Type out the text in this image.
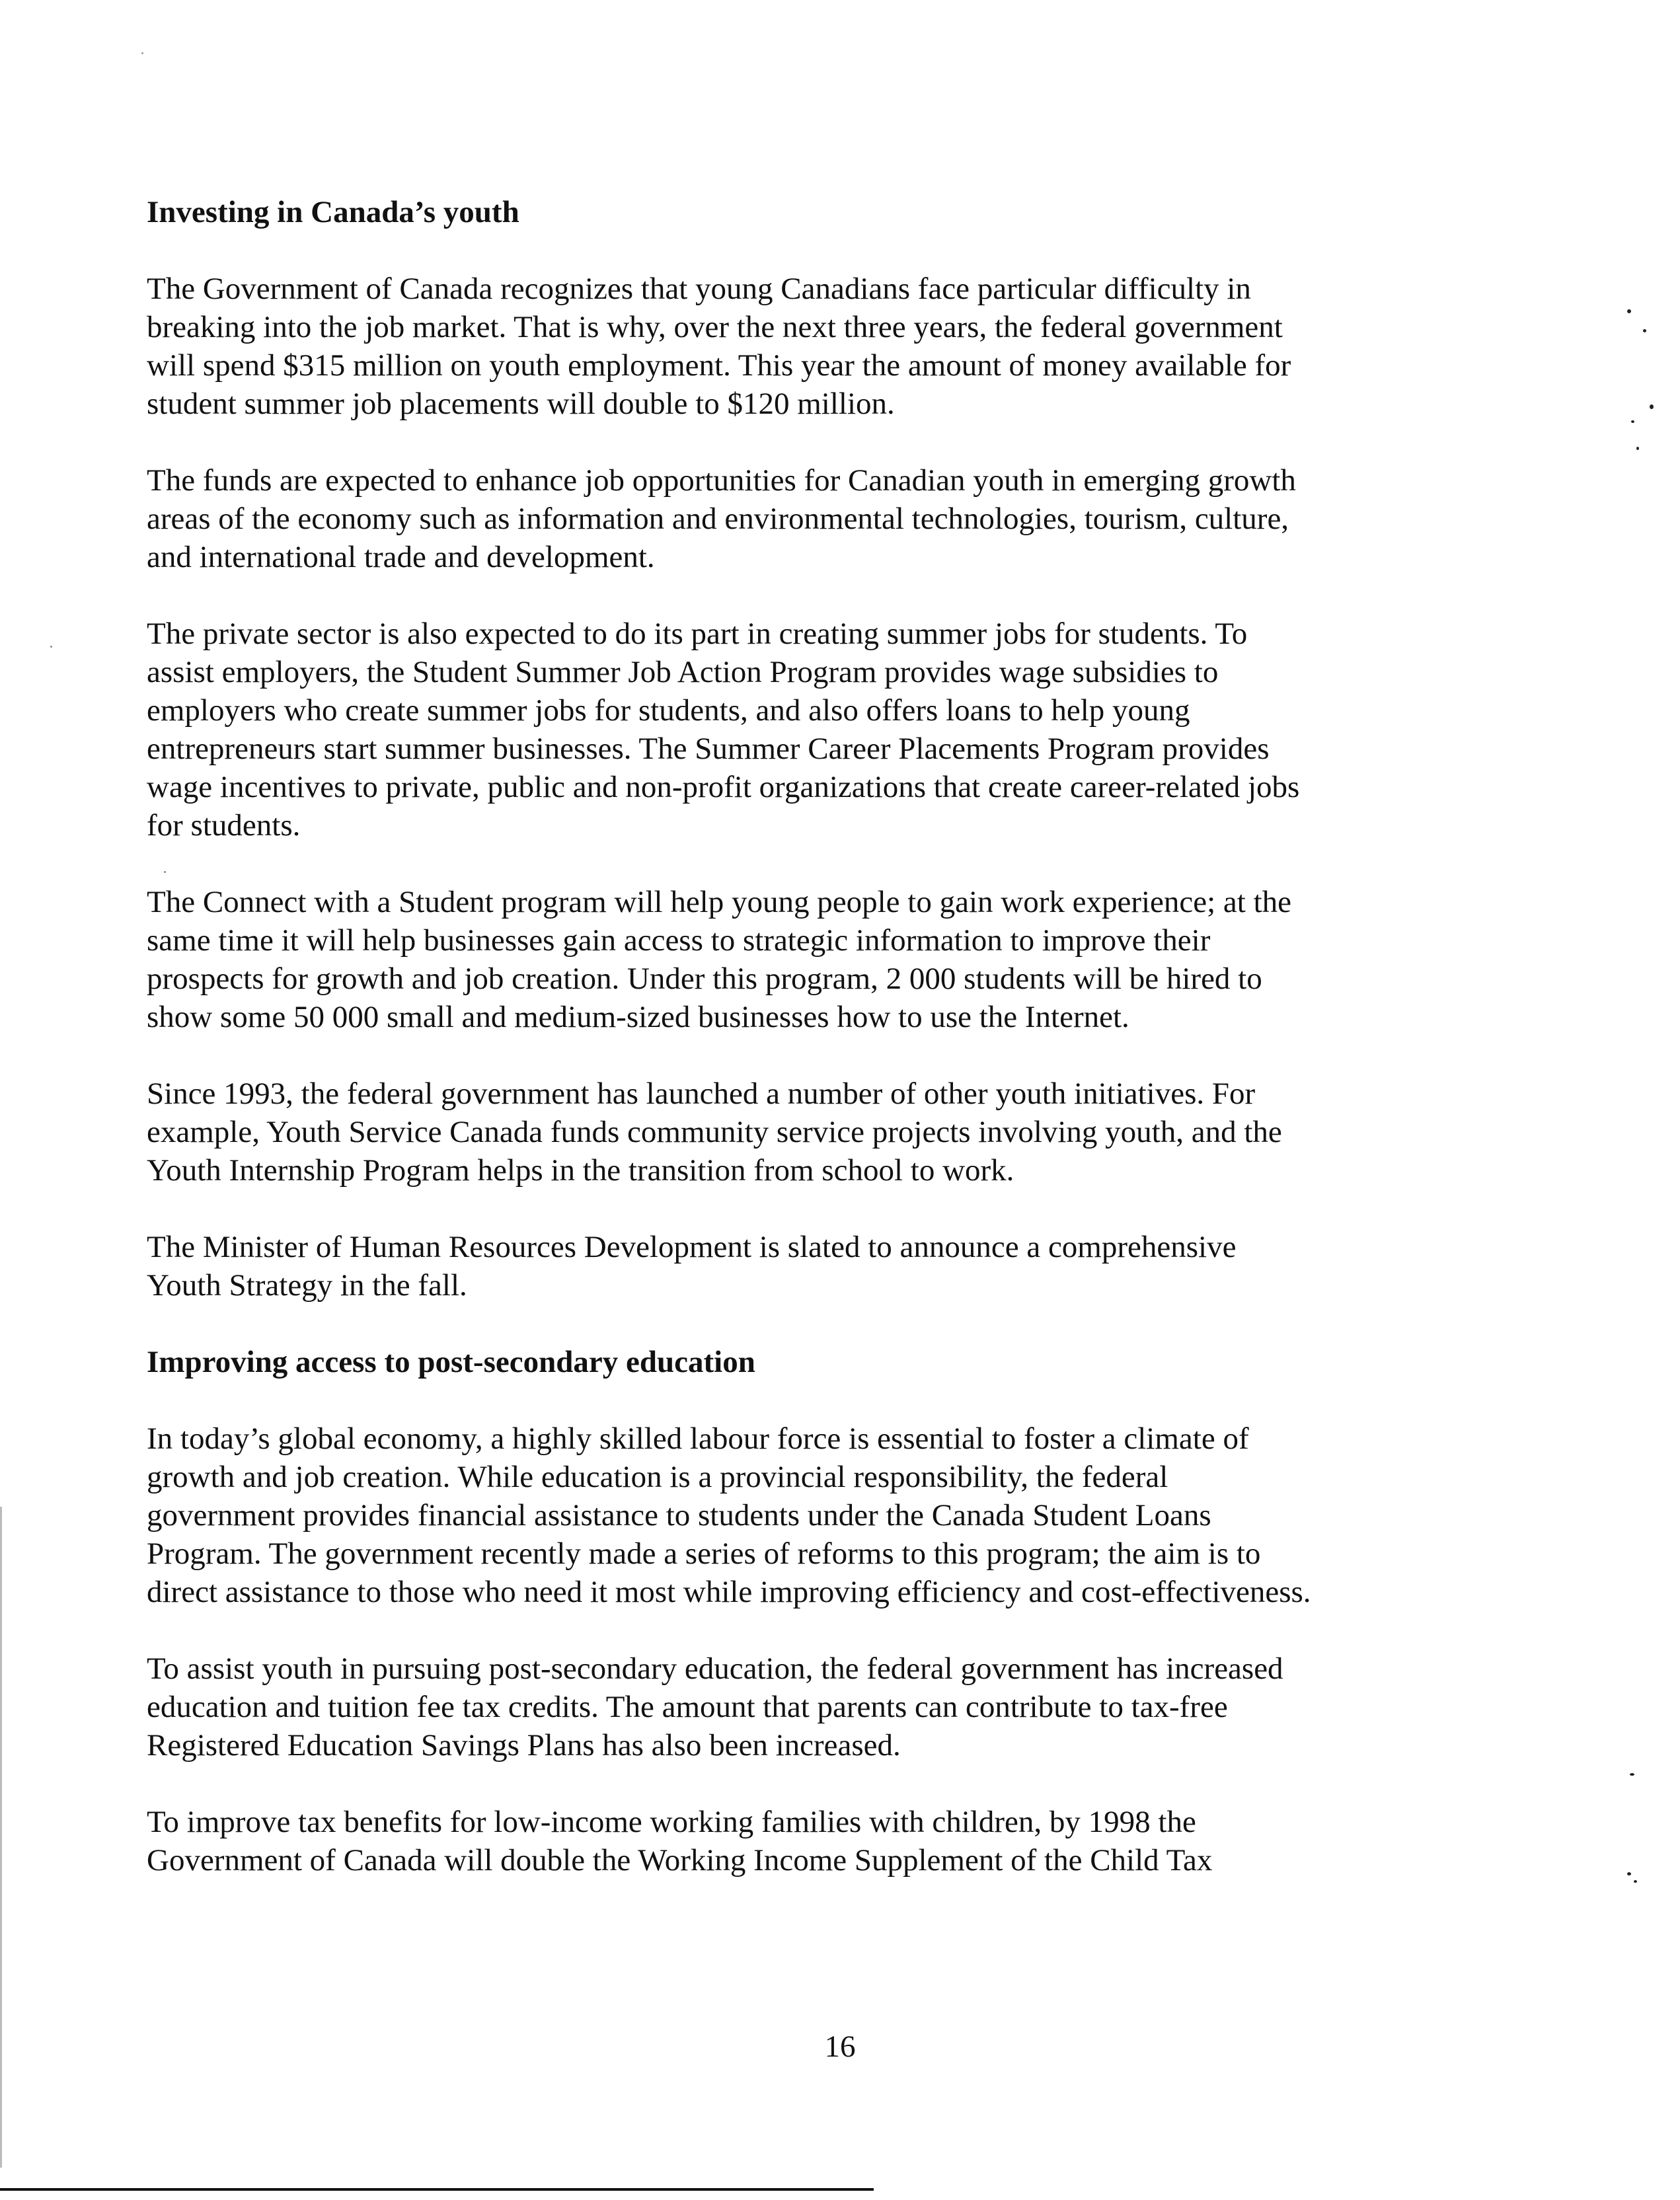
Investing in Canada’s youth

The Government of Canada recognizes that young Canadians face particular difficulty in
breaking into the job market. That is why, over the next three years, the federal government
will spend $315 million on youth employment. This year the amount of money available for
student summer job placements will double to $120 million.

The funds are expected to enhance job opportunities for Canadian youth in emerging growth
areas of the economy such as information and environmental technologies, tourism, culture,
and international trade and development.

The private sector is also expected to do its part in creating summer jobs for students. To
assist employers, the Student Summer Job Action Program provides wage subsidies to
employers who create summer jobs for students, and also offers loans to help young
entrepreneurs start summer businesses. The Summer Career Placements Program provides
wage incentives to private, public and non-profit organizations that create career-related jobs
for students.

The Connect with a Student program will help young people to gain work experience; at the
same time it will help businesses gain access to strategic information to improve their
prospects for growth and job creation. Under this program, 2 000 students will be hired to
show some 50 000 small and medium-sized businesses how to use the Internet.

Since 1993, the federal government has launched a number of other youth initiatives. For
example, Youth Service Canada funds community service projects involving youth, and the
Youth Internship Program helps in the transition from school to work.

The Minister of Human Resources Development is slated to announce a comprehensive
Youth Strategy in the fall.

Improving access to post-secondary education

In today’s global economy, a highly skilled labour force is essential to foster a climate of
growth and job creation. While education is a provincial responsibility, the federal
government provides financial assistance to students under the Canada Student Loans
Program. The government recently made a series of reforms to this program; the aim is to
direct assistance to those who need it most while improving efficiency and cost-effectiveness.

To assist youth in pursuing post-secondary education, the federal government has increased
education and tuition fee tax credits. The amount that parents can contribute to tax-free
Registered Education Savings Plans has also been increased.

To improve tax benefits for low-income working families with children, by 1998 the
Government of Canada will double the Working Income Supplement of the Child Tax

16
